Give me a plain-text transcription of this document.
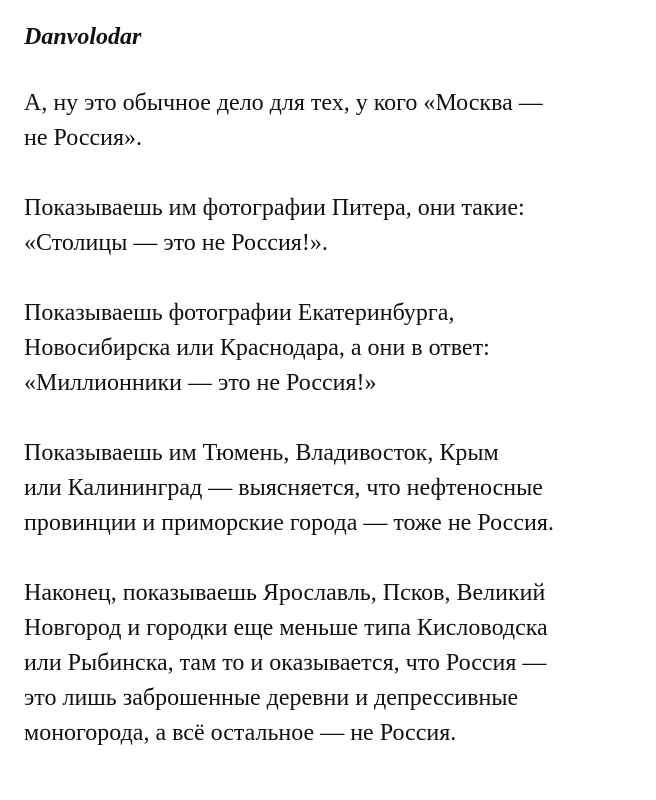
Danvolodar
А, ну это обычное дело для тех, у кого «Москва —
не Россия».
Показываешь им фотографии Питера, они такие:
«Столицы — это не Россия!».
Показываешь фотографии Екатеринбурга,
Новосибирска или Краснодара, а они в ответ:
«Миллионники — это не Россия!»
Показываешь им Тюмень, Владивосток, Крым
или Калининград — выясняется, что нефтеносные
провинции и приморские города — тоже не Россия.
Наконец, показываешь Ярославль, Псков, Великий
Новгород и городки еще меньше типа Кисловодска
или Рыбинска, там то и оказывается, что Россия —
это лишь заброшенные деревни и депрессивные
моногорода, а всё остальное — не Россия.
